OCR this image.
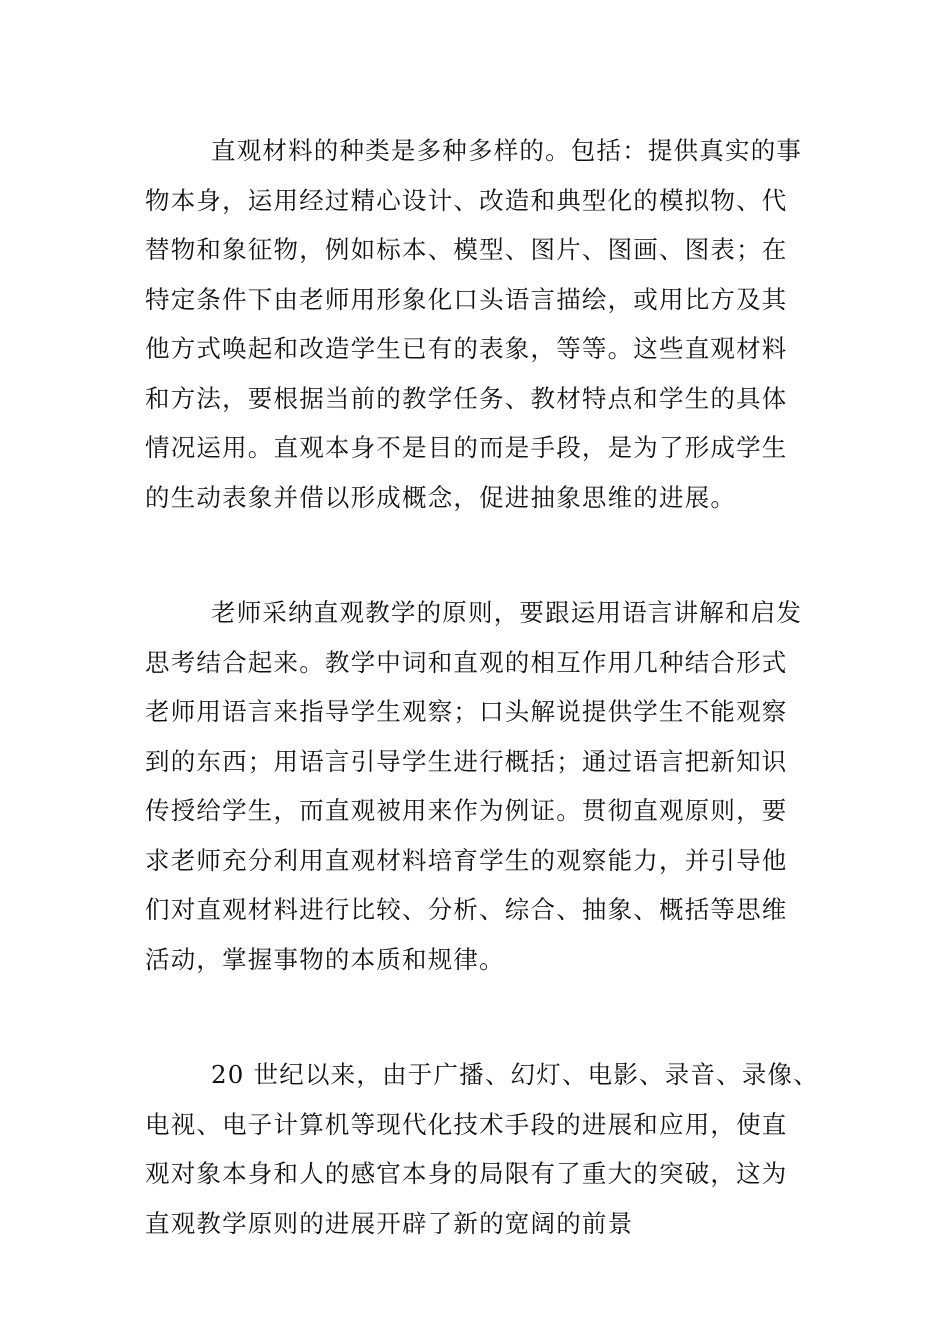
直观材料的种类是多种多样的。包括：提供真实的事
物本身，运用经过精心设计、改造和典型化的模拟物、代
替物和象征物，例如标本、模型、图片、图画、图表；在
特定条件下由老师用形象化口头语言描绘，或用比方及其
他方式唤起和改造学生已有的表象，等等。这些直观材料
和方法，要根据当前的教学任务、教材特点和学生的具体
情况运用。直观本身不是目的而是手段，是为了形成学生
的生动表象并借以形成概念，促进抽象思维的进展。
老师采纳直观教学的原则，要跟运用语言讲解和启发
思考结合起来。教学中词和直观的相互作用几种结合形式
老师用语言来指导学生观察；口头解说提供学生不能观察
到的东西；用语言引导学生进行概括；通过语言把新知识
传授给学生，而直观被用来作为例证。贯彻直观原则，要
求老师充分利用直观材料培育学生的观察能力，并引导他
们对直观材料进行比较、分析、综合、抽象、概括等思维
活动，掌握事物的本质和规律。
20 世纪以来，由于广播、幻灯、电影、录音、录像、
电视、电子计算机等现代化技术手段的进展和应用，使直
观对象本身和人的感官本身的局限有了重大的突破，这为
直观教学原则的进展开辟了新的宽阔的前景
